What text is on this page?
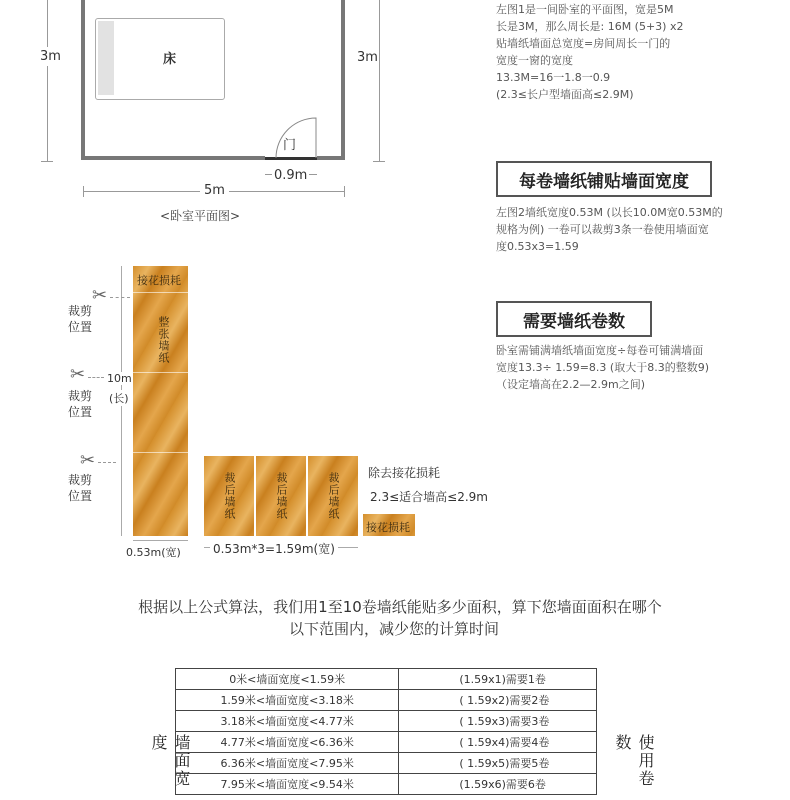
门
床
3m	3m
0.9m
5m
<卧室平面图>
左图1是一间卧室的平面图，宽是5M
长是3M，那么周长是: 16M (5+3) x2
贴墙纸墙面总宽度=房间周长一门的
宽度一窗的宽度
13.3M=16一1.8一0.9
(2.3≤长户型墙面高≤2.9M)
每卷墙纸铺贴墙面宽度
左图2墙纸宽度0.53M (以长10.0M宽0.53M的
规格为例) 一卷可以裁剪3条一卷使用墙面宽
度0.53x3=1.59
需要墙纸卷数
卧室需铺满墙纸墙面宽度÷每卷可铺满墙面
宽度13.3÷ 1.59=8.3 (取大于8.3的整数9)
（设定墙高在2.2—2.9m之间)
接花损耗
整张墙纸
10m
(长)
0.53m(宽)
✂
裁剪
位置
✂
裁剪
位置
✂
裁剪
位置	裁后墙纸	裁后墙纸	裁后墙纸
接花损耗
除去接花损耗
2.3≤适合墙高≤2.9m
0.53m*3=1.59m(宽)
根据以上公式算法，我们用1至10卷墙纸能贴多少面积，算下您墙面面积在哪个
以下范围内，减少您的计算时间
墙面宽度	使用卷数
0米<墙面宽度<1.59米	(1.59x1)需要1卷
1.59米<墙面宽度<3.18米	( 1.59x2)需要2卷
3.18米<墙面宽度<4.77米	( 1.59x3)需要3卷
4.77米<墙面宽度<6.36米	( 1.59x4)需要4卷
6.36米<墙面宽度<7.95米	( 1.59x5)需要5卷
7.95米<墙面宽度<9.54米	(1.59x6)需要6卷
